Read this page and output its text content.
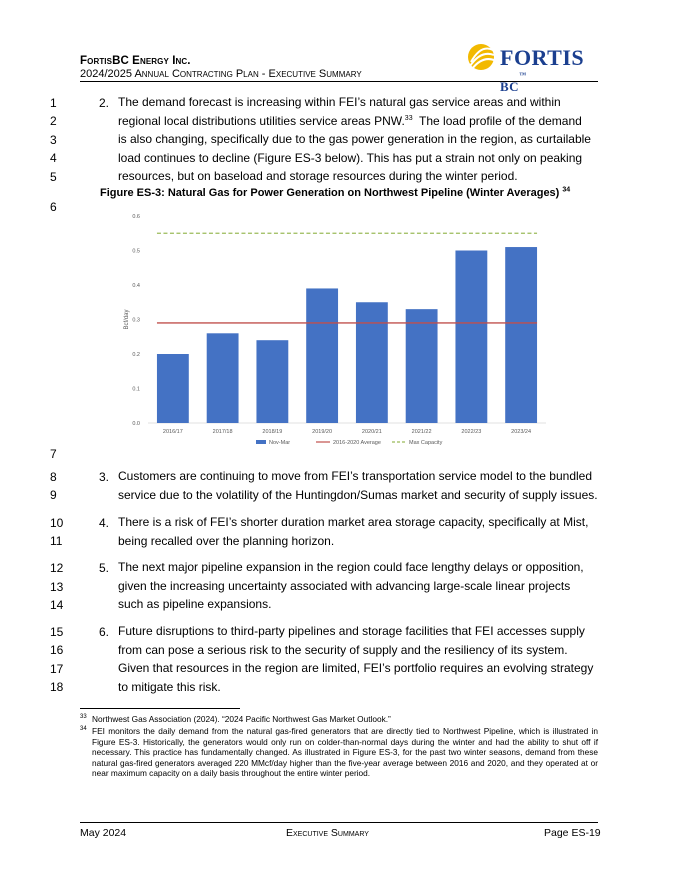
FortisBC Energy Inc.
2024/2025 Annual Contracting Plan - Executive Summary
FORTIS BC™
1
2
3
4
5
6
7
8
9
10
11
12
13
14
15
16
17
18
2. The demand forecast is increasing within FEI’s natural gas service areas and within
regional local distributions utilities service areas PNW.$^{33}$  The load profile of the demand
is also changing, specifically due to the gas power generation in the region, as curtailable
load continues to decline (Figure ES-3 below). This has put a strain not only on peaking
resources, but on baseload and storage resources during the winter period.
Figure ES-3: Natural Gas for Power Generation on Northwest Pipeline (Winter Averages) $^{34}$
Bcf/day
0.0
0.1
0.2
0.3
0.4
0.5
0.6
2016/17	2017/18	2018/19	2019/20	2020/21	2021/22	2022/23	2023/24
Nov-Mar	2016-2020 Average	Max Capacity
3. Customers are continuing to move from FEI’s transportation service model to the bundled
service due to the volatility of the Huntingdon/Sumas market and security of supply issues.
4. There is a risk of FEI’s shorter duration market area storage capacity, specifically at Mist,
being recalled over the planning horizon.
5. The next major pipeline expansion in the region could face lengthy delays or opposition,
given the increasing uncertainty associated with advancing large-scale linear projects
such as pipeline expansions.
6. Future disruptions to third-party pipelines and storage facilities that FEI accesses supply
from can pose a serious risk to the security of supply and the resiliency of its system.
Given that resources in the region are limited, FEI’s portfolio requires an evolving strategy
to mitigate this risk.
33 Northwest Gas Association (2024). “2024 Pacific Northwest Gas Market Outlook.”
34 FEI monitors the daily demand from the natural gas-fired generators that are directly tied to Northwest Pipeline, which is illustrated in Figure ES-3. Historically, the generators would only run on colder-than-normal days during the winter and had the ability to shut off if necessary. This practice has fundamentally changed. As illustrated in Figure ES-3, for the past two winter seasons, demand from these natural gas-fired generators averaged 220 MMcf/day higher than the five-year average between 2016 and 2020, and they operated at or near maximum capacity on a daily basis throughout the entire winter period.
May 2024	Executive Summary	Page ES-19
